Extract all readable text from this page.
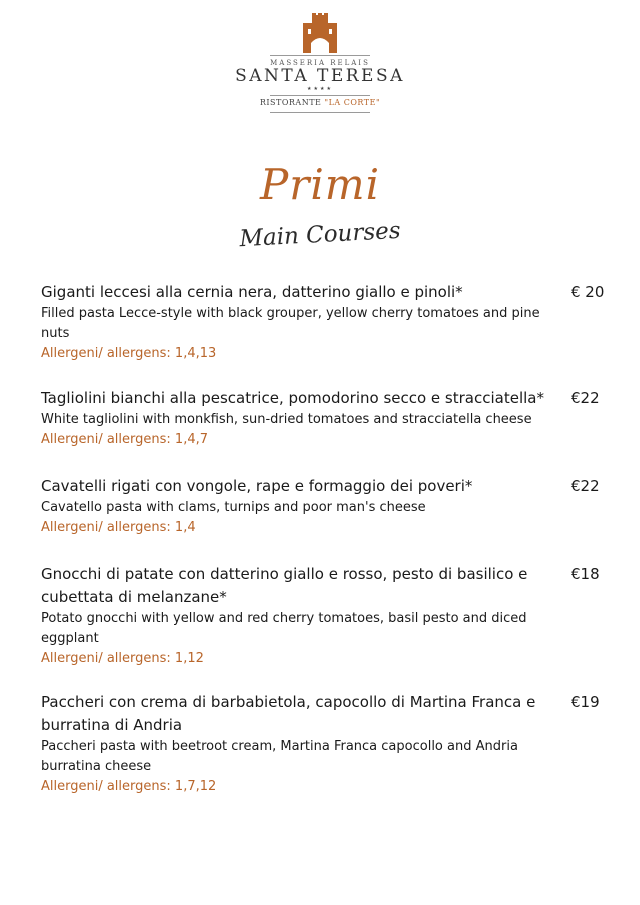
MASSERIA RELAIS
SANTA TERESA
★★★★
RISTORANTE "LA CORTE"
Primi
Main Courses
Giganti leccesi alla cernia nera, datterino giallo e pinoli*	€ 20
Filled pasta Lecce-style with black grouper, yellow cherry tomatoes and pine nuts
Allergeni/ allergens: 1,4,13
Tagliolini bianchi alla pescatrice, pomodorino secco e stracciatella*	€22
White tagliolini with monkfish, sun-dried tomatoes and stracciatella cheese
Allergeni/ allergens: 1,4,7
Cavatelli rigati con vongole, rape e formaggio dei poveri*	€22
Cavatello pasta with clams, turnips and poor man's cheese
Allergeni/ allergens: 1,4
Gnocchi di patate con datterino giallo e rosso, pesto di basilico e cubettata di melanzane*
€18
Potato gnocchi with yellow and red cherry tomatoes, basil pesto and diced eggplant
Allergeni/ allergens: 1,12
Paccheri con crema di barbabietola, capocollo di Martina Franca e burratina di Andria
€19
Paccheri pasta with beetroot cream, Martina Franca capocollo and Andria burratina cheese
Allergeni/ allergens: 1,7,12
